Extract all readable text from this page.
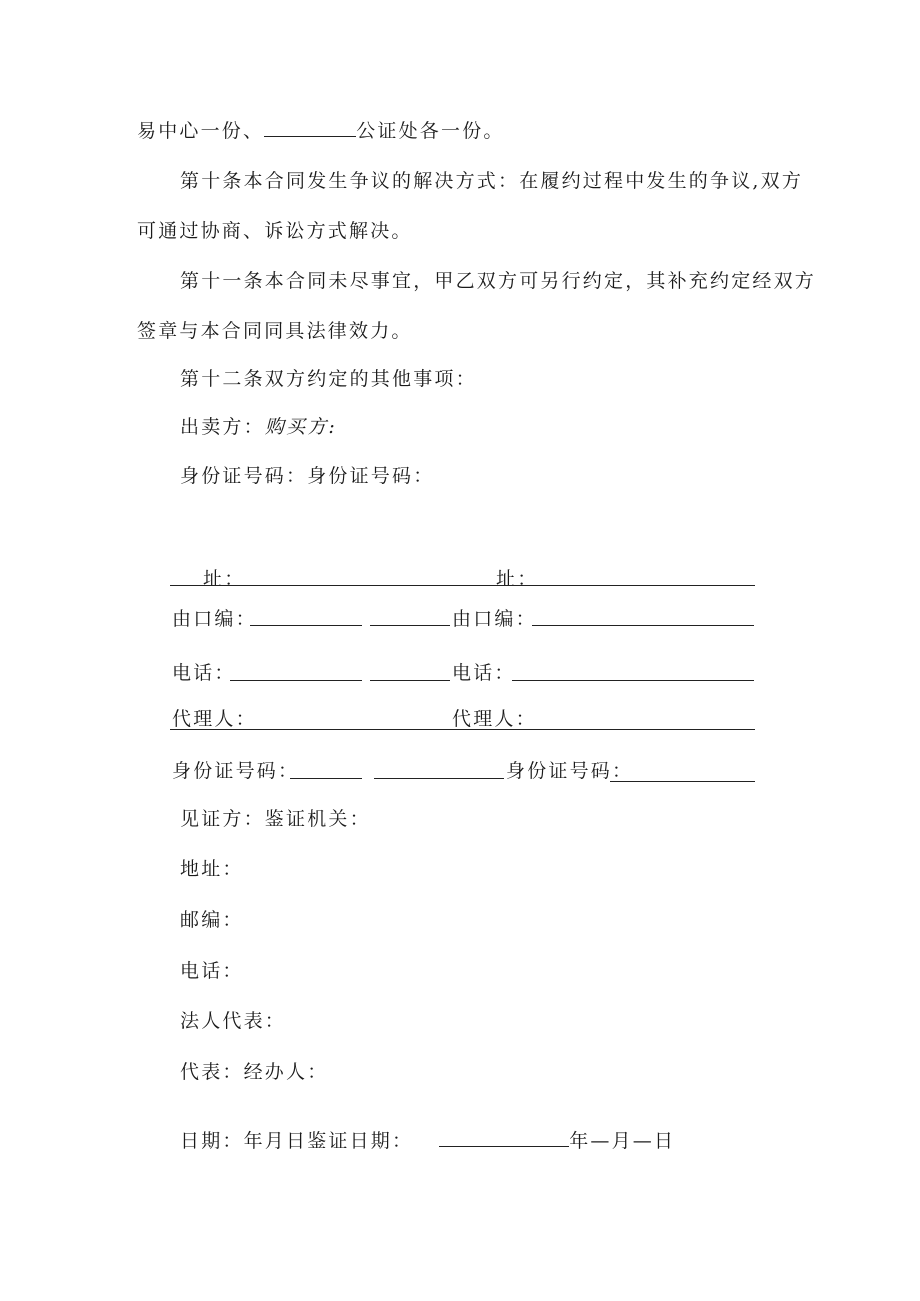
易中心一份、	公证处各一份。
第十条本合同发生争议的解决方式：在履约过程中发生的争议,双方
可通过协商、诉讼方式解决。
第十一条本合同未尽事宜，甲乙双方可另行约定，其补充约定经双方
签章与本合同同具法律效力。
第十二条双方约定的其他事项：
出卖方：购买方:
身份证号码：身份证号码：
址：	址：
由口编：	由口编：
电话：	电话：
代理人：	代理人：
身份证号码：	身份证号码：
见证方：鉴证机关：
地址：
邮编：
电话：
法人代表：
代表：经办人：
日期：年月日鉴证日期：	年—月—日
